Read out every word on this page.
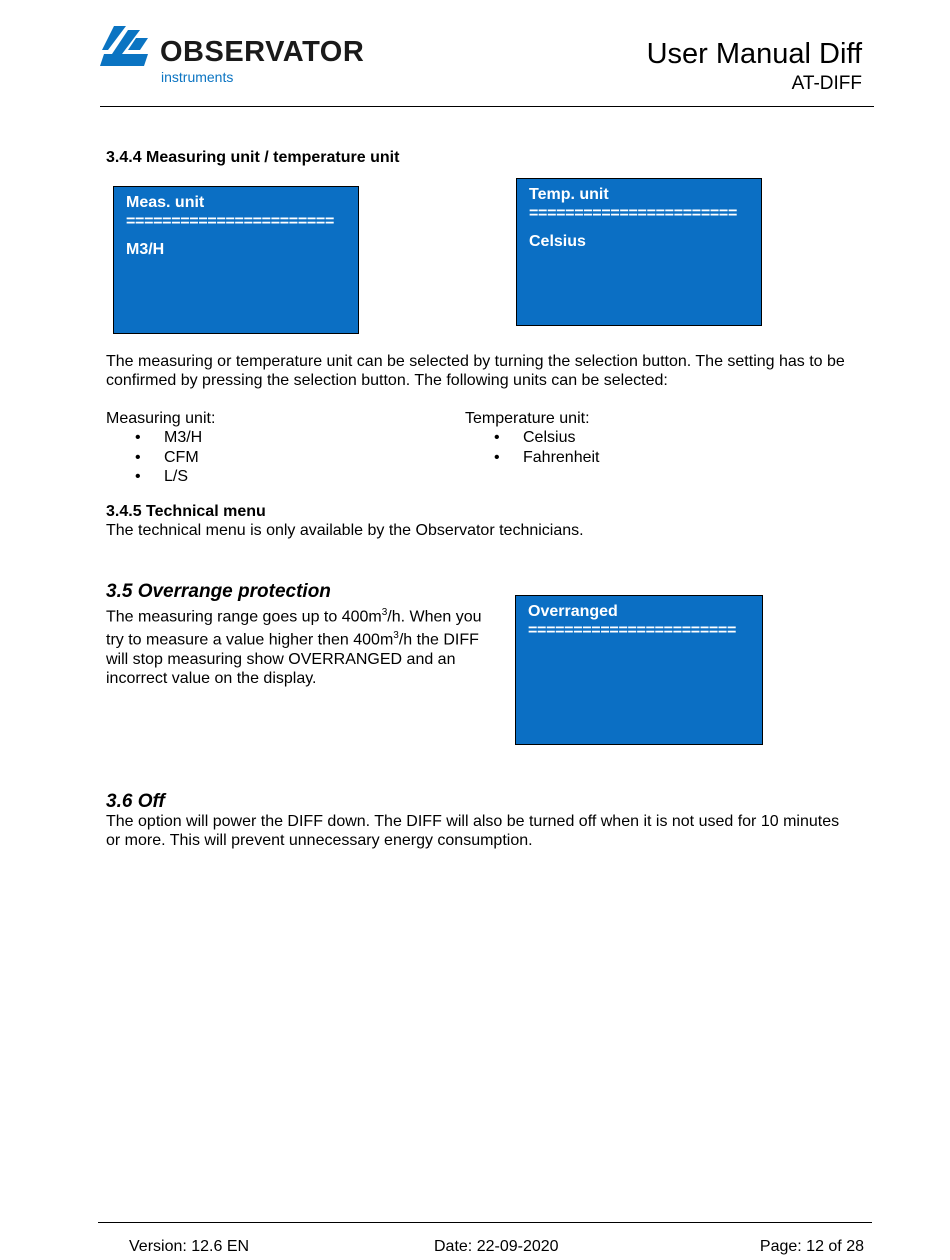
OBSERVATOR
instruments
User Manual Diff
AT-DIFF
3.4.4 Measuring unit / temperature unit
Meas. unit
=======================
M3/H
Temp. unit
=======================
Celsius
The measuring or temperature unit can be selected by turning the selection button. The setting has to be
confirmed by pressing the selection button. The following units can be selected:
Measuring unit:
• M3/H
• CFM
• L/S
Temperature unit:
• Celsius
• Fahrenheit
3.4.5 Technical menu
The technical menu is only available by the Observator technicians.
3.5 Overrange protection
The measuring range goes up to $400m^3/h$. When you
try to measure a value higher then $400m^3/h$ the DIFF
will stop measuring show OVERRANGED and an
incorrect value on the display.
Overranged
=======================
3.6 Off
The option will power the DIFF down. The DIFF will also be turned off when it is not used for 10 minutes
or more. This will prevent unnecessary energy consumption.
Version: 12.6 EN	Date: 22-09-2020	Page: 12 of 28
